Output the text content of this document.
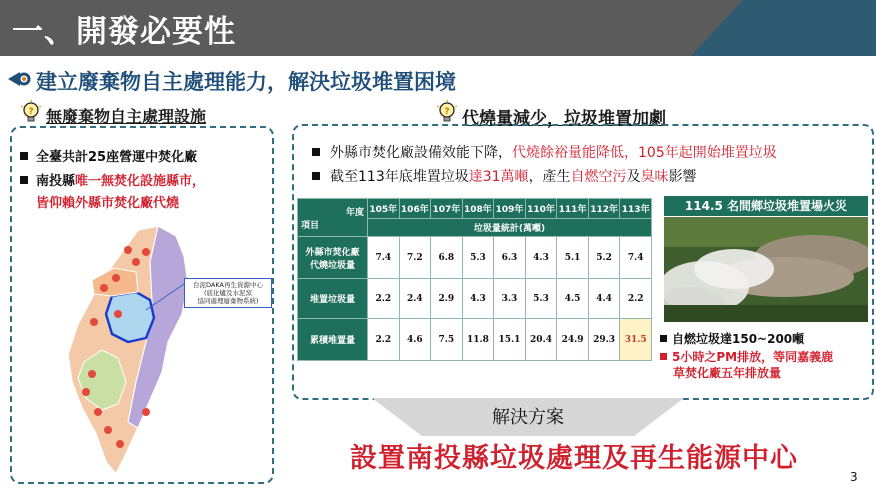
一、開發必要性
建立廢棄物自主處理能力，解決垃圾堆置困境
? 無廢棄物自主處理設施	? 代燒量減少，垃圾堆置加劇
全臺共計25座營運中焚化廠
南投縣唯一無焚化設施縣市，
皆仰賴外縣市焚化廠代燒
台泥DAKA再生資源中心
(底化爐及水泥窯
協同處理廢棄物系統)
外縣市焚化廠設備效能下降，代燒餘裕量能降低，105年起開始堆置垃圾
截至113年底堆置垃圾達31萬噸，產生自燃空污及臭味影響
年度
項目	105年	106年	107年	108年	109年	110年	111年	112年	113年
	垃圾量統計(萬噸)								

外縣市焚化廠
代燒垃圾量	7.4	7.2	6.8	5.3	6.3	4.3	5.1	5.2	7.4
堆置垃圾量	2.2	2.4	2.9	4.3	3.3	5.3	4.5	4.4	2.2
累積堆置量	2.2	4.6	7.5	11.8	15.1	20.4	24.9	29.3	31.5
114.5 名間鄉垃圾堆置場火災
自燃垃圾達150~200噸
5小時之PM排放，等同嘉義鹿
草焚化廠五年排放量
解決方案
設置南投縣垃圾處理及再生能源中心
3
